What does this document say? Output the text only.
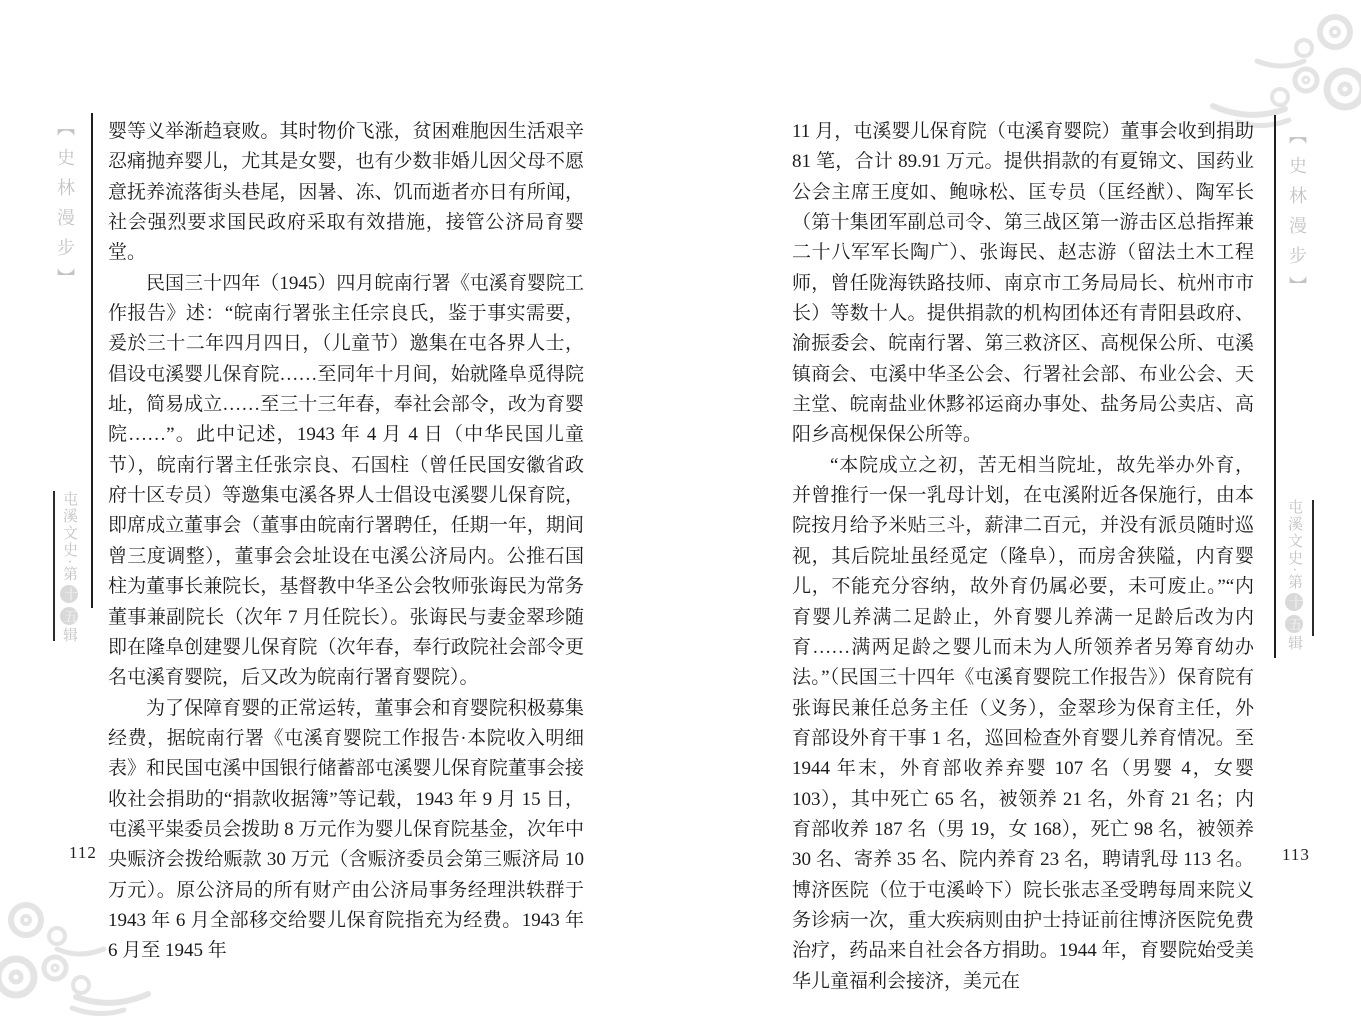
【史林漫步】	【史林漫步】
屯溪文史·第十五辑
屯溪文史·第十五辑
112	113

婴等义举渐趋衰败。其时物价飞涨，贫困难胞因生活艰辛忍痛抛弃婴儿，尤其是女婴，也有少数非婚儿因父母不愿意抚养流落街头巷尾，因暑、冻、饥而逝者亦日有所闻，社会强烈要求国民政府采取有效措施，接管公济局育婴堂。

民国三十四年（1945）四月皖南行署《屯溪育婴院工作报告》述：“皖南行署张主任宗良氏，鉴于事实需要，爰於三十二年四月四日，（儿童节）邀集在屯各界人士，倡设屯溪婴儿保育院……至同年十月间，始就隆阜觅得院址，简易成立……至三十三年春，奉社会部令，改为育婴院……”。此中记述，1943 年 4 月 4 日（中华民国儿童节），皖南行署主任张宗良、石国柱（曾任民国安徽省政府十区专员）等邀集屯溪各界人士倡设屯溪婴儿保育院，即席成立董事会（董事由皖南行署聘任，任期一年，期间曾三度调整），董事会会址设在屯溪公济局内。公推石国柱为董事长兼院长，基督教中华圣公会牧师张诲民为常务董事兼副院长（次年 7 月任院长）。张诲民与妻金翠珍随即在隆阜创建婴儿保育院（次年春，奉行政院社会部令更名屯溪育婴院，后又改为皖南行署育婴院）。

为了保障育婴的正常运转，董事会和育婴院积极募集经费，据皖南行署《屯溪育婴院工作报告·本院收入明细表》和民国屯溪中国银行储蓄部屯溪婴儿保育院董事会接收社会捐助的“捐款收据簿”等记载，1943 年 9 月 15 日，屯溪平粜委员会拨助 8 万元作为婴儿保育院基金，次年中央赈济会拨给赈款 30 万元（含赈济委员会第三赈济局 10 万元）。原公济局的所有财产由公济局事务经理洪轶群于 1943 年 6 月全部移交给婴儿保育院指充为经费。1943 年 6 月至 1945 年

11 月，屯溪婴儿保育院（屯溪育婴院）董事会收到捐助 81 笔，合计 89.91 万元。提供捐款的有夏锦文、国药业公会主席王度如、鲍咏松、匡专员（匡经猷）、陶军长（第十集团军副总司令、第三战区第一游击区总指挥兼二十八军军长陶广）、张诲民、赵志游（留法土木工程师，曾任陇海铁路技师、南京市工务局局长、杭州市市长）等数十人。提供捐款的机构团体还有青阳县政府、渝振委会、皖南行署、第三救济区、高枧保公所、屯溪镇商会、屯溪中华圣公会、行署社会部、布业公会、天主堂、皖南盐业休黟祁运商办事处、盐务局公卖店、高阳乡高枧保保公所等。

“本院成立之初，苦无相当院址，故先举办外育，并曾推行一保一乳母计划，在屯溪附近各保施行，由本院按月给予米贴三斗，薪津二百元，并没有派员随时巡视，其后院址虽经觅定（隆阜），而房舍狭隘，内育婴儿，不能充分容纳，故外育仍属必要，未可废止。”“内育婴儿养满二足龄止，外育婴儿养满一足龄后改为内育……满两足龄之婴儿而未为人所领养者另筹育幼办法。”（民国三十四年《屯溪育婴院工作报告》）保育院有张诲民兼任总务主任（义务），金翠珍为保育主任，外育部设外育干事 1 名，巡回检查外育婴儿养育情况。至 1944 年末，外育部收养弃婴 107 名（男婴 4，女婴 103），其中死亡 65 名，被领养 21 名，外育 21 名；内育部收养 187 名（男 19，女 168），死亡 98 名，被领养 30 名、寄养 35 名、院内养育 23 名，聘请乳母 113 名。博济医院（位于屯溪岭下）院长张志圣受聘每周来院义务诊病一次，重大疾病则由护士持证前往博济医院免费治疗，药品来自社会各方捐助。1944 年，育婴院始受美华儿童福利会接济，美元在
